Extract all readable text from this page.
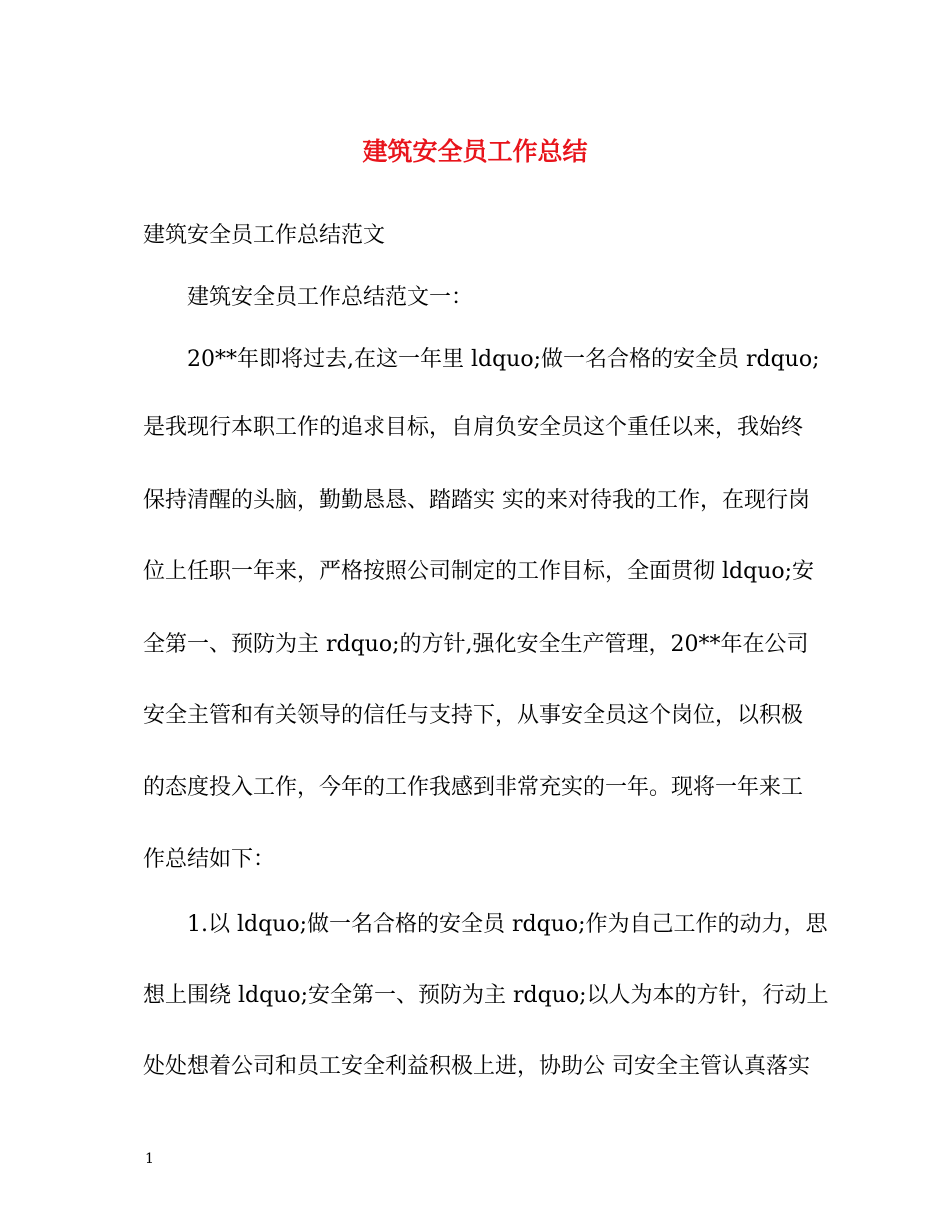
建筑安全员工作总结

建筑安全员工作总结范文

建筑安全员工作总结范文一：

20**年即将过去,在这一年里 ldquo;做一名合格的安全员 rdquo;

是我现行本职工作的追求目标，自肩负安全员这个重任以来，我始终

保持清醒的头脑，勤勤恳恳、踏踏实 实的来对待我的工作，在现行岗

位上任职一年来，严格按照公司制定的工作目标，全面贯彻 ldquo;安

全第一、预防为主 rdquo;的方针,强化安全生产管理，20**年在公司

安全主管和有关领导的信任与支持下，从事安全员这个岗位，以积极

的态度投入工作，今年的工作我感到非常充实的一年。现将一年来工

作总结如下：

1.以 ldquo;做一名合格的安全员 rdquo;作为自己工作的动力，思

想上围绕 ldquo;安全第一、预防为主 rdquo;以人为本的方针，行动上

处处想着公司和员工安全利益积极上进，协助公 司安全主管认真落实

1
